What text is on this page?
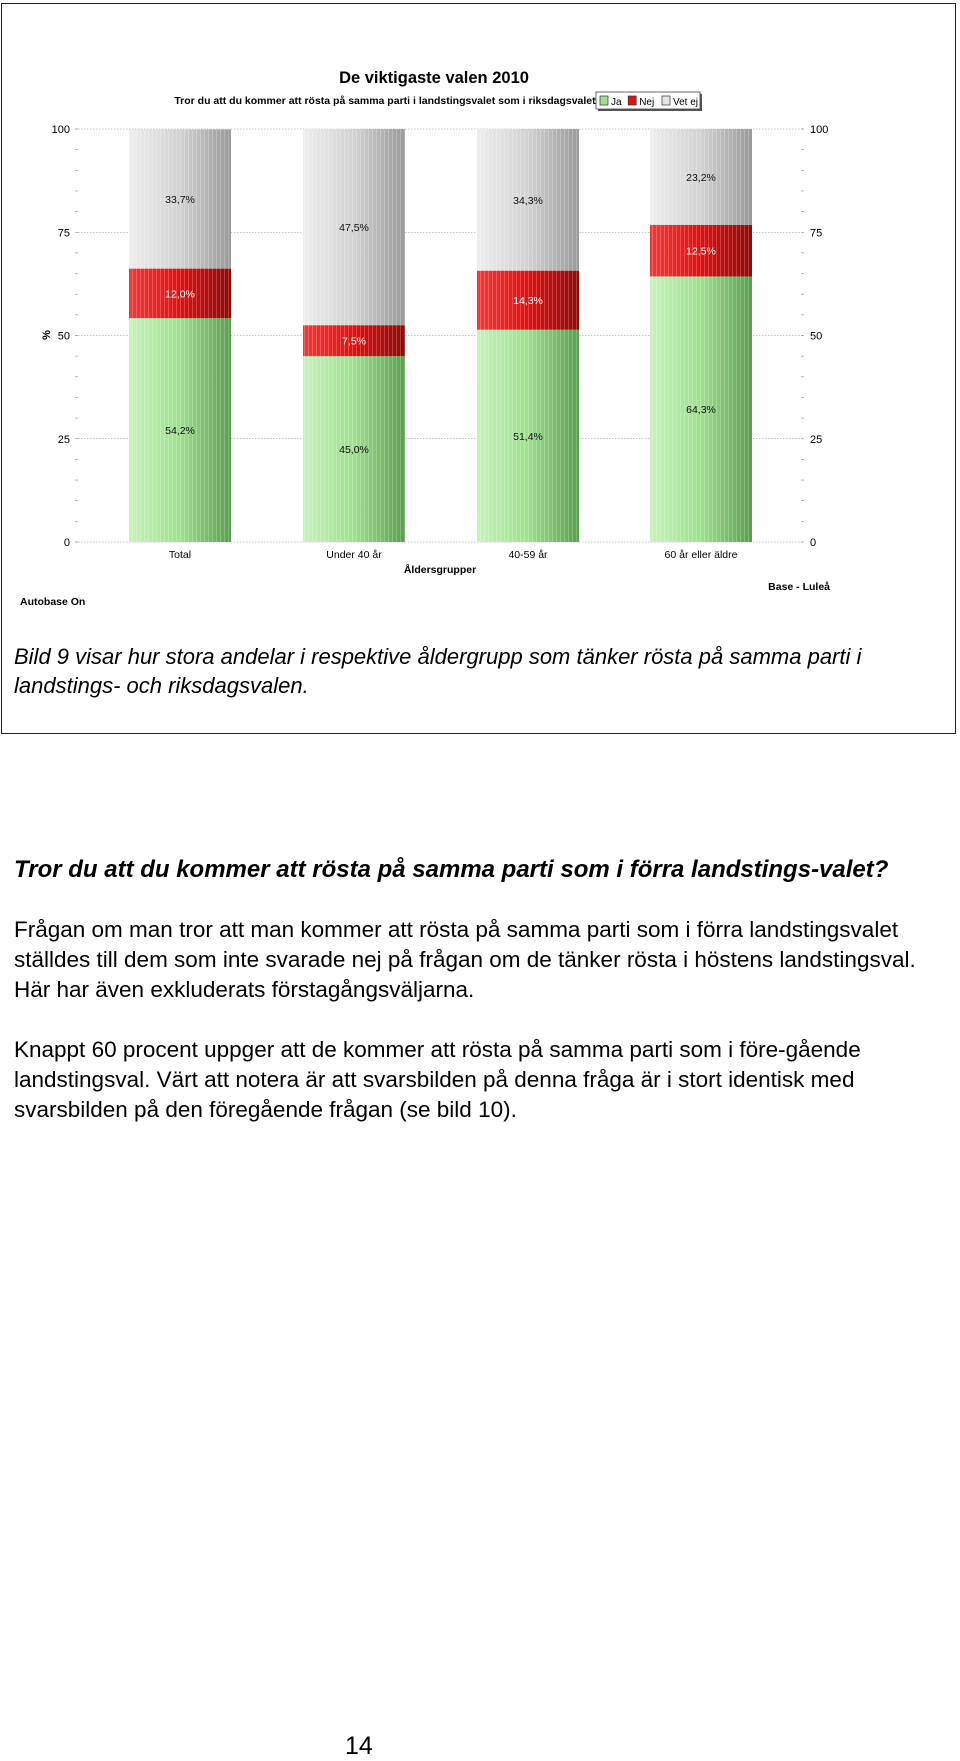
De viktigaste valen 2010
Tror du att du kommer att rösta på samma parti i landstingsvalet som i riksdagsvalet Ja Nej Vet ej
0	0
25	25
50	50
75	75
100	100
Total	Under 40 år	40-59 år	60 år eller äldre
54,2%
12,0%
33,7%
45,0%
7,5%
47,5%
51,4%
14,3%
34,3%
64,3%
12,5%
23,2%
Åldersgrupper
%
Autobase On
Base - Luleå

Bild 9 visar hur stora andelar i respektive åldergrupp som tänker rösta på samma parti i landstings- och riksdagsvalen.

Tror du att du kommer att rösta på samma parti som i förra landstings-valet?

Frågan om man tror att man kommer att rösta på samma parti som i förra landstingsvalet ställdes till dem som inte svarade nej på frågan om de tänker rösta i höstens landstingsval. Här har även exkluderats förstagångsväljarna.

Knappt 60 procent uppger att de kommer att rösta på samma parti som i före-gående landstingsval. Värt att notera är att svarsbilden på denna fråga är i stort identisk med svarsbilden på den föregående frågan (se bild 10).

14
